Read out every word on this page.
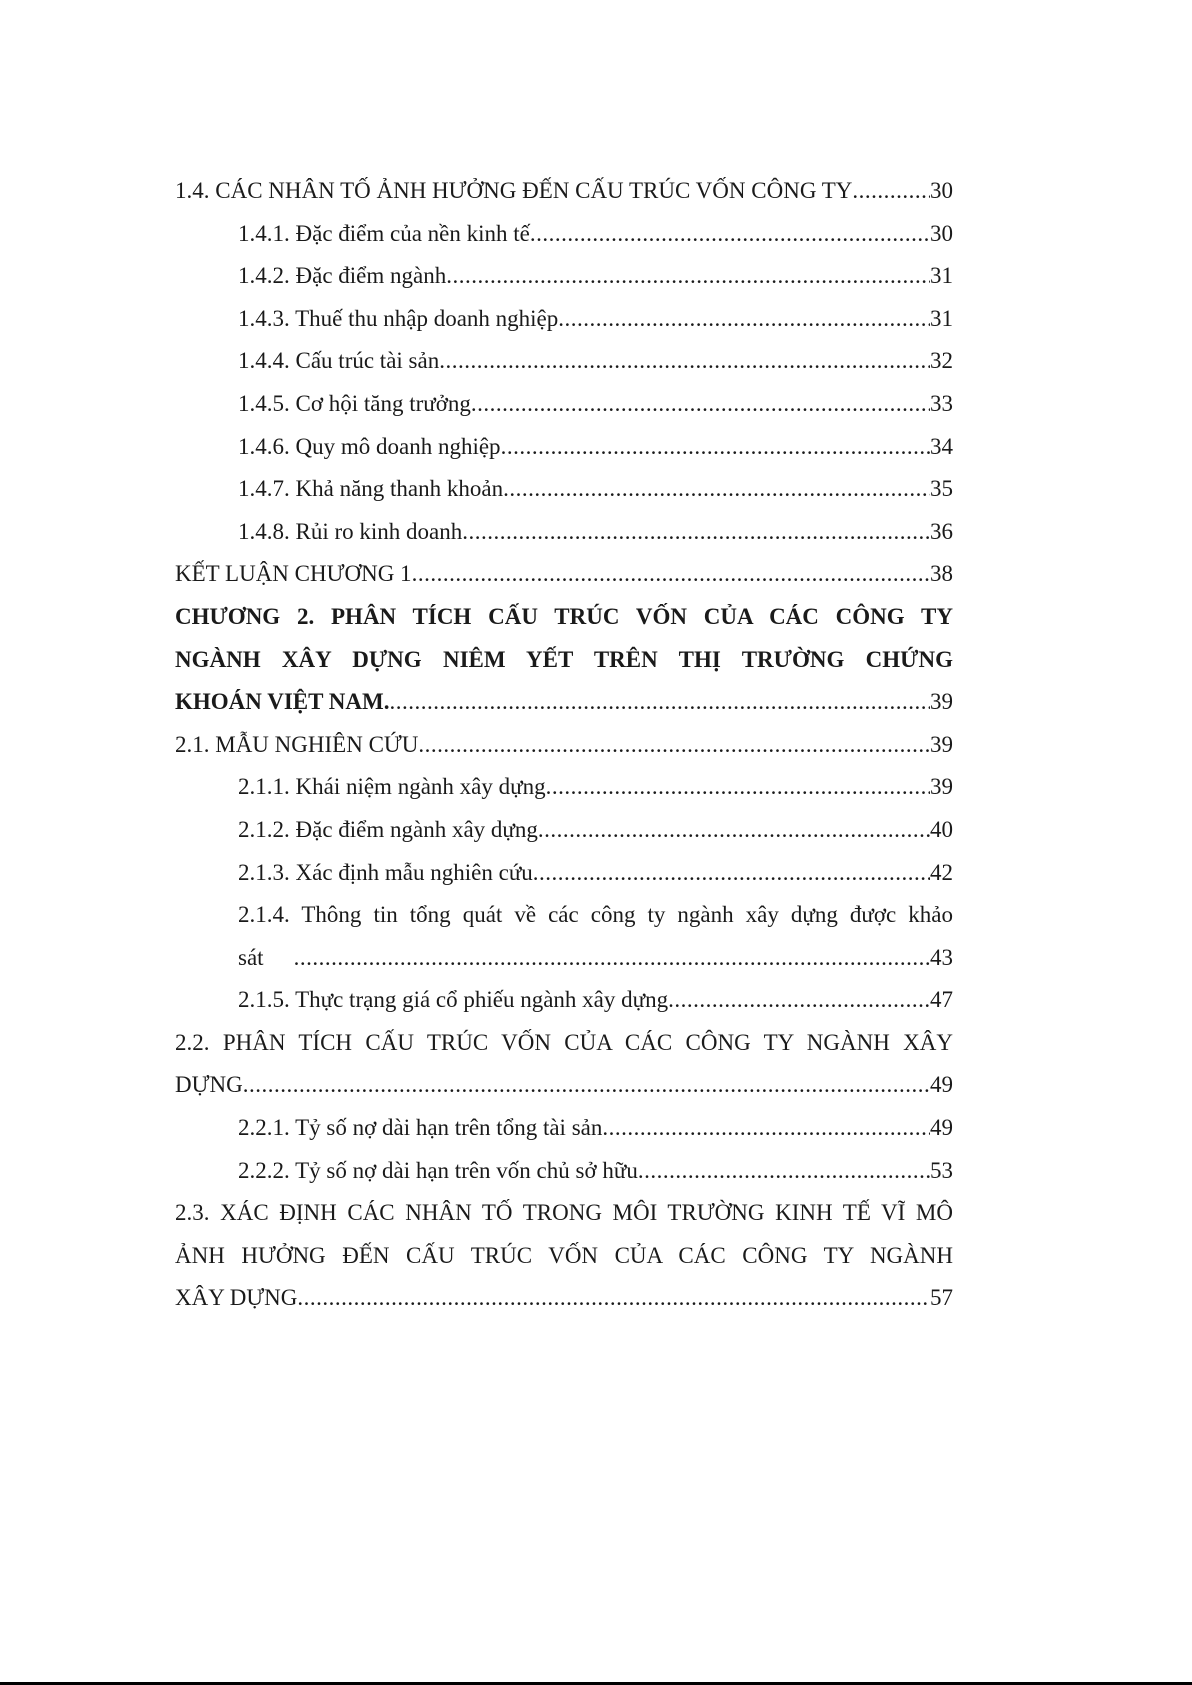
1.4. CÁC NHÂN TỐ ẢNH HƯỞNG ĐẾN CẤU TRÚC VỐN CÔNG TY .....	30
1.4.1. Đặc điểm của nền kinh tế .....	30
1.4.2. Đặc điểm ngành .....	31
1.4.3. Thuế thu nhập doanh nghiệp .....	31
1.4.4. Cấu trúc tài sản .....	32
1.4.5. Cơ hội tăng trưởng .....	33
1.4.6. Quy mô doanh nghiệp .....	34
1.4.7. Khả năng thanh khoản .....	35
1.4.8. Rủi ro kinh doanh .....	36
KẾT LUẬN CHƯƠNG 1 .....	38
CHƯƠNG 2. PHÂN TÍCH CẤU TRÚC VỐN CỦA CÁC CÔNG TY
NGÀNH XÂY DỰNG NIÊM YẾT TRÊN THỊ TRƯỜNG CHỨNG
KHOÁN VIỆT NAM. .....	39
2.1. MẪU NGHIÊN CỨU .....	39
2.1.1. Khái niệm ngành xây dựng .....	39
2.1.2. Đặc điểm ngành xây dựng .....	40
2.1.3. Xác định mẫu nghiên cứu .....	42
2.1.4. Thông tin tổng quát về các công ty ngành xây dựng được khảo
sát .....	43
2.1.5. Thực trạng giá cổ phiếu ngành xây dựng .....	47
2.2. PHÂN TÍCH CẤU TRÚC VỐN CỦA CÁC CÔNG TY NGÀNH XÂY
DỰNG .....	49
2.2.1. Tỷ số nợ dài hạn trên tổng tài sản .....	49
2.2.2. Tỷ số nợ dài hạn trên vốn chủ sở hữu .....	53
2.3. XÁC ĐỊNH CÁC NHÂN TỐ TRONG MÔI TRƯỜNG KINH TẾ VĨ MÔ
ẢNH HƯỞNG ĐẾN CẤU TRÚC VỐN CỦA CÁC CÔNG TY NGÀNH
XÂY DỰNG .....	57
